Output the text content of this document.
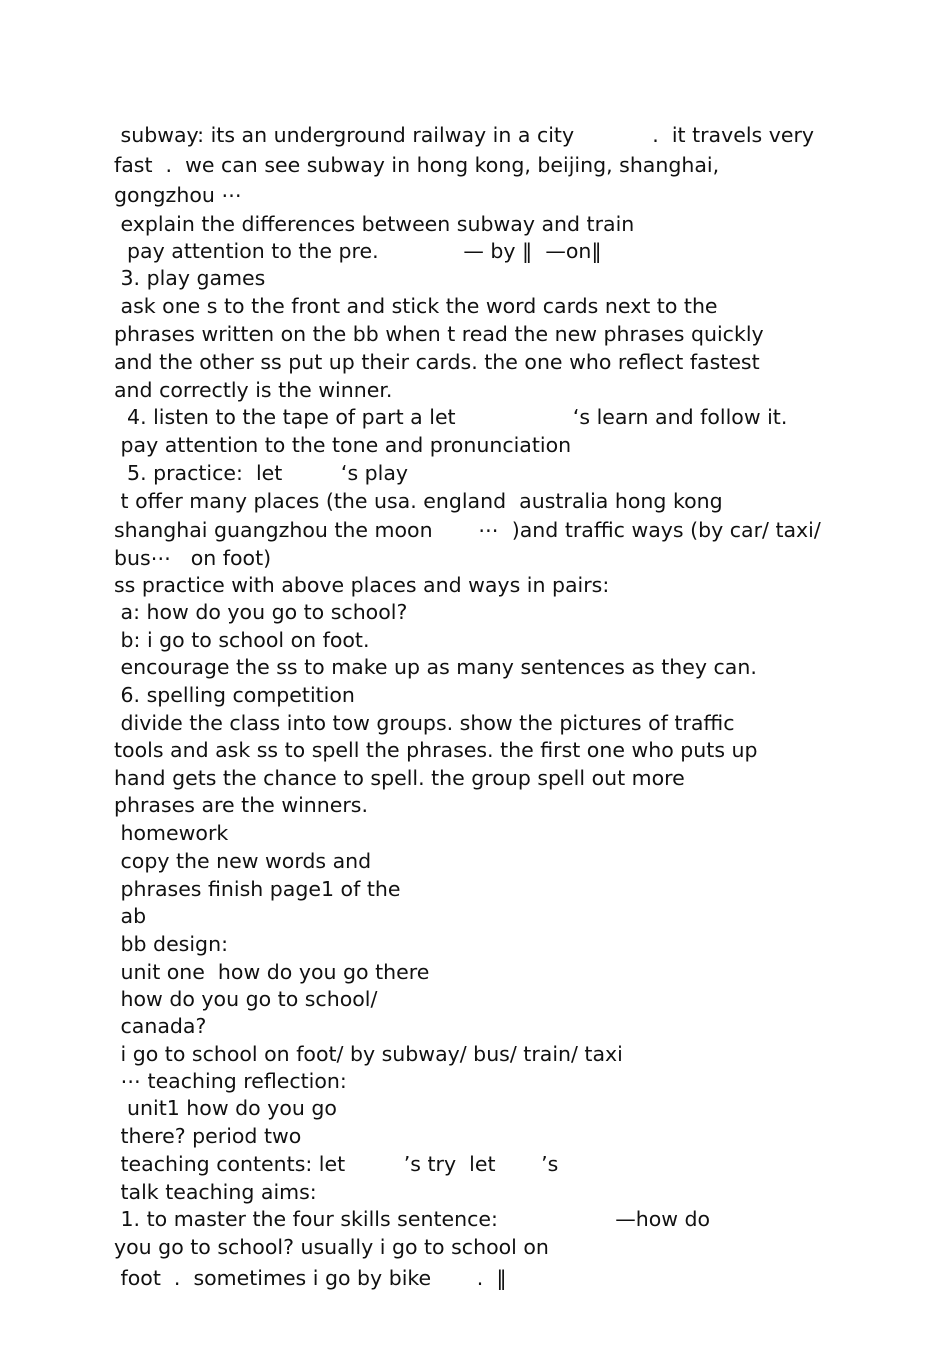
subway: its an underground railway in a city            .  it travels very
fast  .  we can see subway in hong kong, beijing, shanghai,
gongzhou ⋯
explain the differences between subway and train
pay attention to the pre.             — by ‖  —on‖
3. play games
ask one s to the front and stick the word cards next to the
phrases written on the bb when t read the new phrases quickly
and the other ss put up their cards. the one who reflect fastest
and correctly is the winner.
4. listen to the tape of part a let                  ‘s learn and follow it.
pay attention to the tone and pronunciation
5. practice:  let         ‘s play
t offer many places (the usa. england  australia hong kong
shanghai guangzhou the moon       ⋯  )and traffic ways (by car/ taxi/
bus⋯   on foot)
ss practice with above places and ways in pairs:
a: how do you go to school?
b: i go to school on foot.
encourage the ss to make up as many sentences as they can.
6. spelling competition
divide the class into tow groups. show the pictures of traffic
tools and ask ss to spell the phrases. the first one who puts up
hand gets the chance to spell. the group spell out more
phrases are the winners.
homework
copy the new words and
phrases finish page1 of the
ab
bb design:
unit one  how do you go there
how do you go to school/
canada?
i go to school on foot/ by subway/ bus/ train/ taxi
⋯ teaching reflection:
unit1 how do you go
there? period two
teaching contents: let         ’s try  let       ’s
talk teaching aims:
1. to master the four skills sentence:                  —how do
you go to school? usually i go to school on
foot  .  sometimes i go by bike       .  ‖
